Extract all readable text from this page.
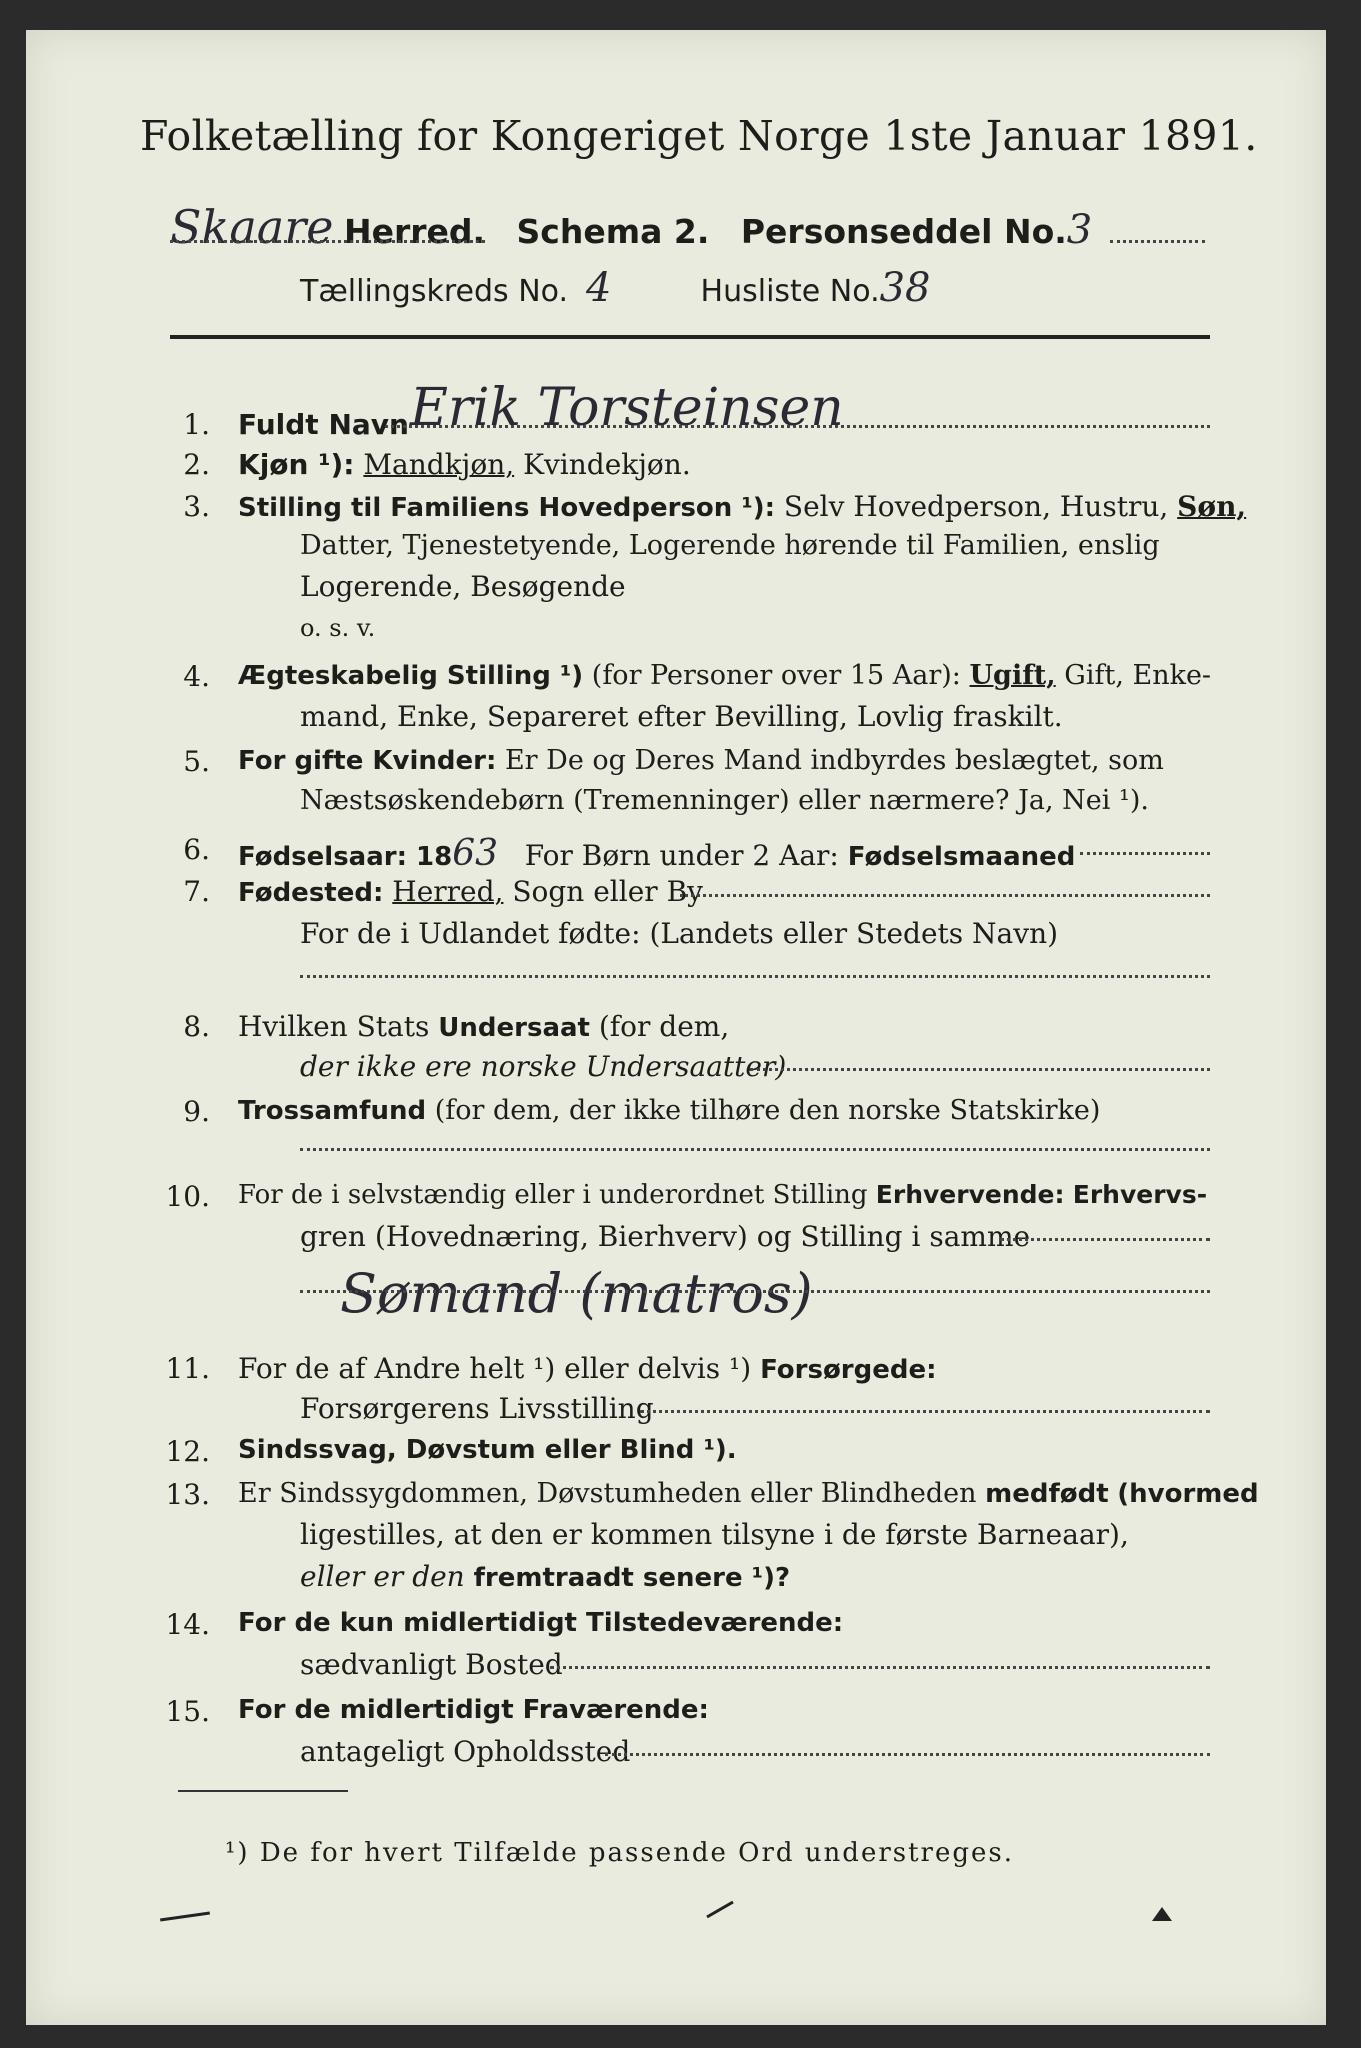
Folketælling for Kongeriget Norge 1ste Januar 1891.
Skaare Herred. Schema 2. Personseddel No.3
Tællingskreds No. 4	Husliste No.38
1. Fuldt Navn Erik Torsteinsen
2. Kjøn ¹): Mandkjøn, Kvindekjøn.
3. Stilling til Familiens Hovedperson ¹): Selv Hovedperson, Hustru, Søn,
Datter, Tjenestetyende, Logerende hørende til Familien, enslig
Logerende, Besøgende
o. s. v.
4. Ægteskabelig Stilling ¹) (for Personer over 15 Aar): Ugift, Gift, Enke-
mand, Enke, Separeret efter Bevilling, Lovlig fraskilt.
5. For gifte Kvinder: Er De og Deres Mand indbyrdes beslægtet, som
Næstsøskendebørn (Tremenninger) eller nærmere? Ja, Nei ¹).
6. Fødselsaar: 1863 For Børn under 2 Aar: Fødselsmaaned
7. Fødested: Herred, Sogn eller By
For de i Udlandet fødte: (Landets eller Stedets Navn)
8. Hvilken Stats Undersaat (for dem,
der ikke ere norske Undersaatter)
9. Trossamfund (for dem, der ikke tilhøre den norske Statskirke)
10. For de i selvstændig eller i underordnet Stilling Erhvervende: Erhvervs-
gren (Hovednæring, Bierhverv) og Stilling i samme
Sømand (matros)
11. For de af Andre helt ¹) eller delvis ¹) Forsørgede:
Forsørgerens Livsstilling
12. Sindssvag, Døvstum eller Blind ¹).
13. Er Sindssygdommen, Døvstumheden eller Blindheden medfødt (hvormed
ligestilles, at den er kommen tilsyne i de første Barneaar),
eller er den fremtraadt senere ¹)?
14. For de kun midlertidigt Tilstedeværende:
sædvanligt Bosted
15. For de midlertidigt Fraværende:
antageligt Opholdssted
¹) De for hvert Tilfælde passende Ord understreges.
